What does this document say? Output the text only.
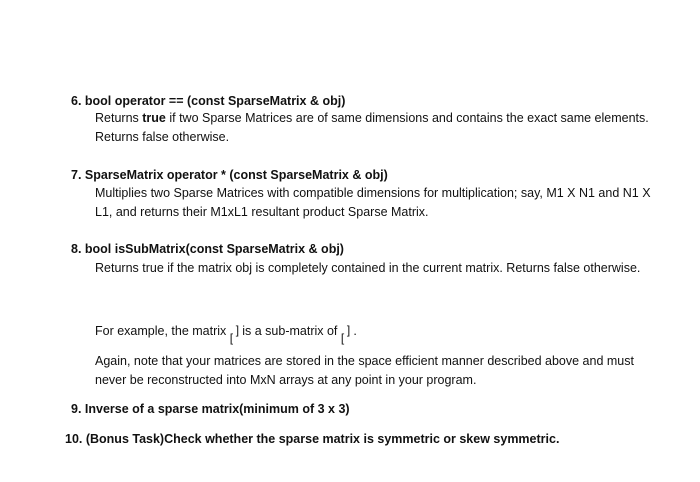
6. bool operator == (const SparseMatrix & obj)
Returns true if two Sparse Matrices are of same dimensions and contains the exact same elements. Returns false otherwise.
7. SparseMatrix operator * (const SparseMatrix & obj)
Multiplies two Sparse Matrices with compatible dimensions for multiplication; say, M1 X N1 and N1 X L1, and returns their M1xL1 resultant product Sparse Matrix.
8. bool isSubMatrix(const SparseMatrix & obj)
Returns true if the matrix obj is completely contained in the current matrix. Returns false otherwise.
For example, the matrix [
] is a sub-matrix of [
] .
Again, note that your matrices are stored in the space efficient manner described above and must never be reconstructed into MxN arrays at any point in your program.
9. Inverse of a sparse matrix(minimum of 3 x 3)
10. (Bonus Task)Check whether the sparse matrix is symmetric or skew symmetric.
